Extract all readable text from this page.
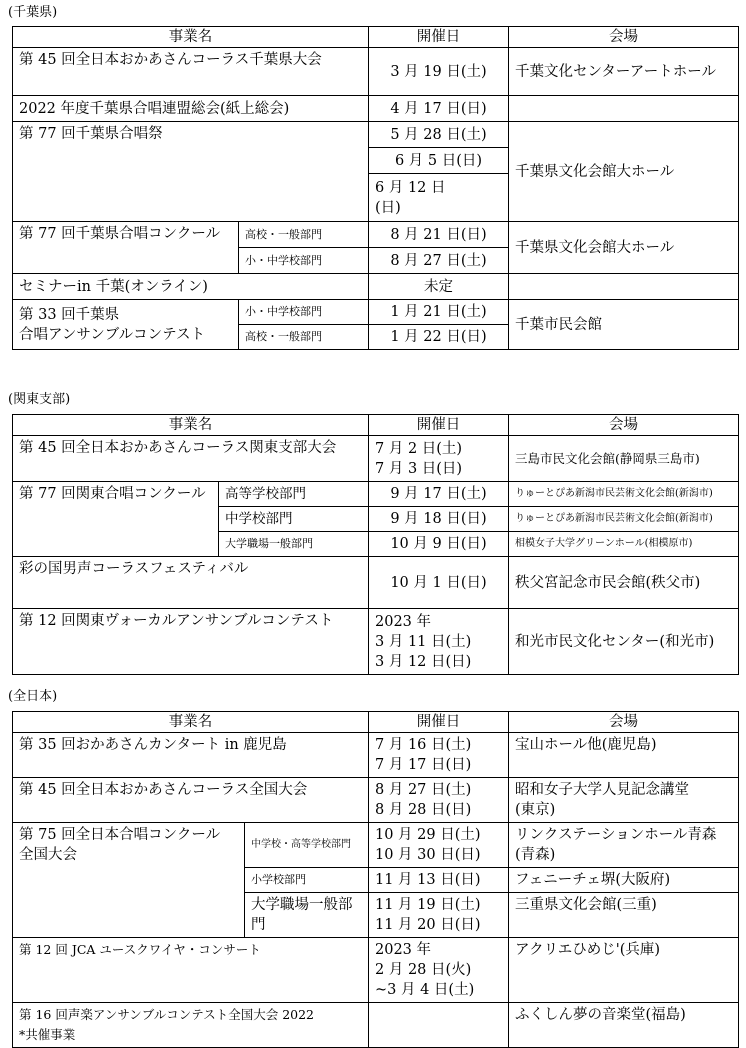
(千葉県)
事業名		開催日	会場
第 45 回全日本おかあさんコーラス千葉県大会		3 月 19 日(土)	千葉文化センターアートホール
2022 年度千葉県合唱連盟総会(紙上総会)		4 月 17 日(日)	
第 77 回千葉県合唱祭		5 月 28 日(土)	千葉県文化会館大ホール
		6 月 5 日(日)	
		6 月 12 日
(日)	
第 77 回千葉県合唱コンクール	高校・一般部門	8 月 21 日(日)	千葉県文化会館大ホール
	小・中学校部門	8 月 27 日(土)	
セミナーin 千葉(オンライン)		未定	
第 33 回千葉県
合唱アンサンブルコンテスト	小・中学校部門	1 月 21 日(土)	千葉市民会館
	高校・一般部門	1 月 22 日(日)	
(関東支部)
事業名		開催日	会場
第 45 回全日本おかあさんコーラス関東支部大会		7 月 2 日(土)
7 月 3 日(日)	三島市民文化会館(静岡県三島市)
第 77 回関東合唱コンクール	高等学校部門	9 月 17 日(土)	りゅーとぴあ新潟市民芸術文化会館(新潟市)
	中学校部門	9 月 18 日(日)	りゅーとぴあ新潟市民芸術文化会館(新潟市)
	大学職場一般部門	10 月 9 日(日)	相模女子大学グリーンホール(相模原市)
彩の国男声コーラスフェスティバル		10 月 1 日(日)	秩父宮記念市民会館(秩父市)
第 12 回関東ヴォーカルアンサンブルコンテスト		2023 年
3 月 11 日(土)
3 月 12 日(日)	和光市民文化センター(和光市)
(全日本)
事業名		開催日	会場
第 35 回おかあさんカンタート in 鹿児島		7 月 16 日(土)
7 月 17 日(日)	宝山ホール他(鹿児島)
第 45 回全日本おかあさんコーラス全国大会		8 月 27 日(土)
8 月 28 日(日)	昭和女子大学人見記念講堂
(東京)
第 75 回全日本合唱コンクール
全国大会	中学校・高等学校部門	10 月 29 日(土)
10 月 30 日(日)	リンクステーションホール青森(青森)
	小学校部門	11 月 13 日(日)	フェニーチェ堺(大阪府)
	大学職場一般部門	11 月 19 日(土)
11 月 20 日(日)	三重県文化会館(三重)
第 12 回 JCA ユースクワイヤ・コンサート		2023 年
2 月 28 日(火)
~3 月 4 日(土)	アクリエひめじ'(兵庫)
第 16 回声楽アンサンブルコンテスト全国大会 2022
*共催事業			ふくしん夢の音楽堂(福島)
